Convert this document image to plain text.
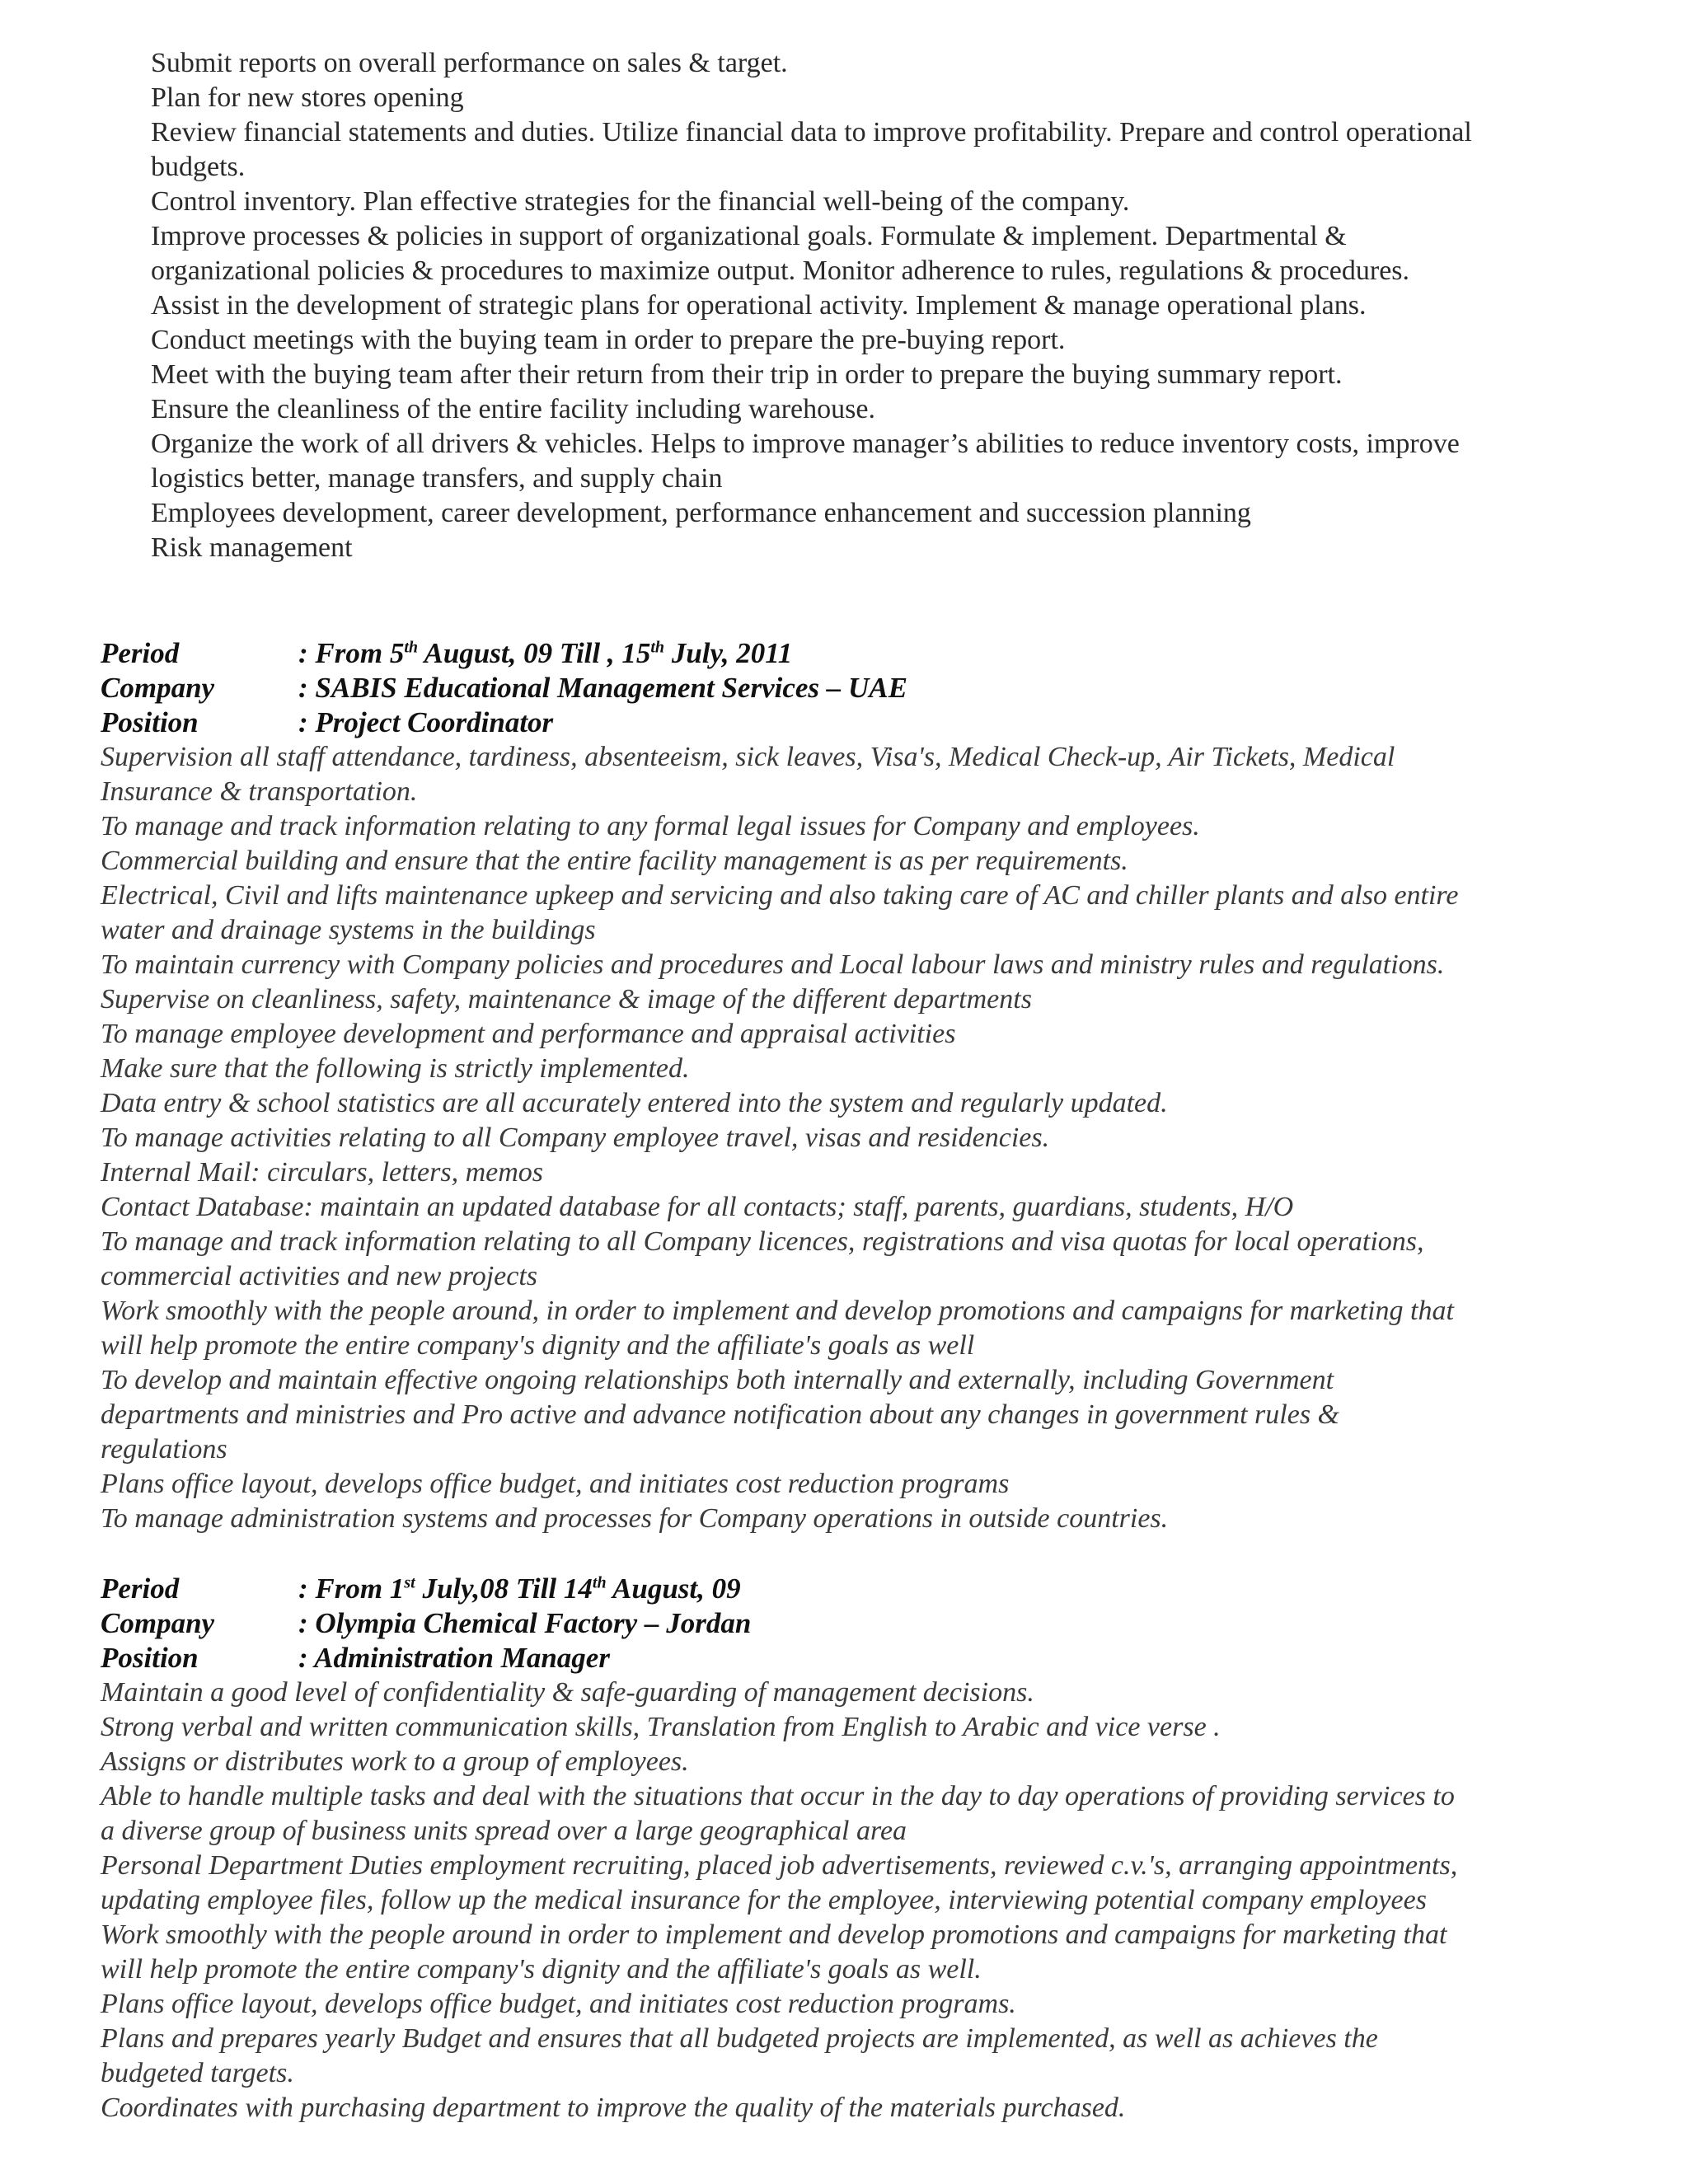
Submit reports on overall performance on sales & target.
Plan for new stores opening
Review financial statements and duties. Utilize financial data to improve profitability. Prepare and control operational
budgets.
Control inventory. Plan effective strategies for the financial well-being of the company.
Improve processes & policies in support of organizational goals. Formulate & implement. Departmental &
organizational policies & procedures to maximize output. Monitor adherence to rules, regulations & procedures.
Assist in the development of strategic plans for operational activity. Implement & manage operational plans.
Conduct meetings with the buying team in order to prepare the pre-buying report.
Meet with the buying team after their return from their trip in order to prepare the buying summary report.
Ensure the cleanliness of the entire facility including warehouse.
Organize the work of all drivers & vehicles. Helps to improve manager’s abilities to reduce inventory costs, improve
logistics better, manage transfers, and supply chain
Employees development, career development, performance enhancement and succession planning
Risk management
Period	: From 5th August, 09 Till , 15th July, 2011
Company	: SABIS Educational Management Services – UAE
Position	: Project Coordinator
Supervision all staff attendance, tardiness, absenteeism, sick leaves, Visa's, Medical Check-up, Air Tickets, Medical
Insurance & transportation.
To manage and track information relating to any formal legal issues for Company and employees.
Commercial building and ensure that the entire facility management is as per requirements.
Electrical, Civil and lifts maintenance upkeep and servicing and also taking care of AC and chiller plants and also entire
water and drainage systems in the buildings
To maintain currency with Company policies and procedures and Local labour laws and ministry rules and regulations.
Supervise on cleanliness, safety, maintenance & image of the different departments
To manage employee development and performance and appraisal activities
Make sure that the following is strictly implemented.
Data entry & school statistics are all accurately entered into the system and regularly updated.
To manage activities relating to all Company employee travel, visas and residencies.
Internal Mail: circulars, letters, memos
Contact Database: maintain an updated database for all contacts; staff, parents, guardians, students, H/O
To manage and track information relating to all Company licences, registrations and visa quotas for local operations,
commercial activities and new projects
Work smoothly with the people around, in order to implement and develop promotions and campaigns for marketing that
will help promote the entire company's dignity and the affiliate's goals as well
To develop and maintain effective ongoing relationships both internally and externally, including Government
departments and ministries and Pro active and advance notification about any changes in government rules &
regulations
Plans office layout, develops office budget, and initiates cost reduction programs
To manage administration systems and processes for Company operations in outside countries.
Period	: From 1st July,08 Till 14th August, 09
Company	: Olympia Chemical Factory – Jordan
Position	: Administration Manager
Maintain a good level of confidentiality & safe-guarding of management decisions.
Strong verbal and written communication skills, Translation from English to Arabic and vice verse .
Assigns or distributes work to a group of employees.
Able to handle multiple tasks and deal with the situations that occur in the day to day operations of providing services to
a diverse group of business units spread over a large geographical area
Personal Department Duties employment recruiting, placed job advertisements, reviewed c.v.'s, arranging appointments,
updating employee files, follow up the medical insurance for the employee, interviewing potential company employees
Work smoothly with the people around in order to implement and develop promotions and campaigns for marketing that
will help promote the entire company's dignity and the affiliate's goals as well.
Plans office layout, develops office budget, and initiates cost reduction programs.
Plans and prepares yearly Budget and ensures that all budgeted projects are implemented, as well as achieves the
budgeted targets.
Coordinates with purchasing department to improve the quality of the materials purchased.
